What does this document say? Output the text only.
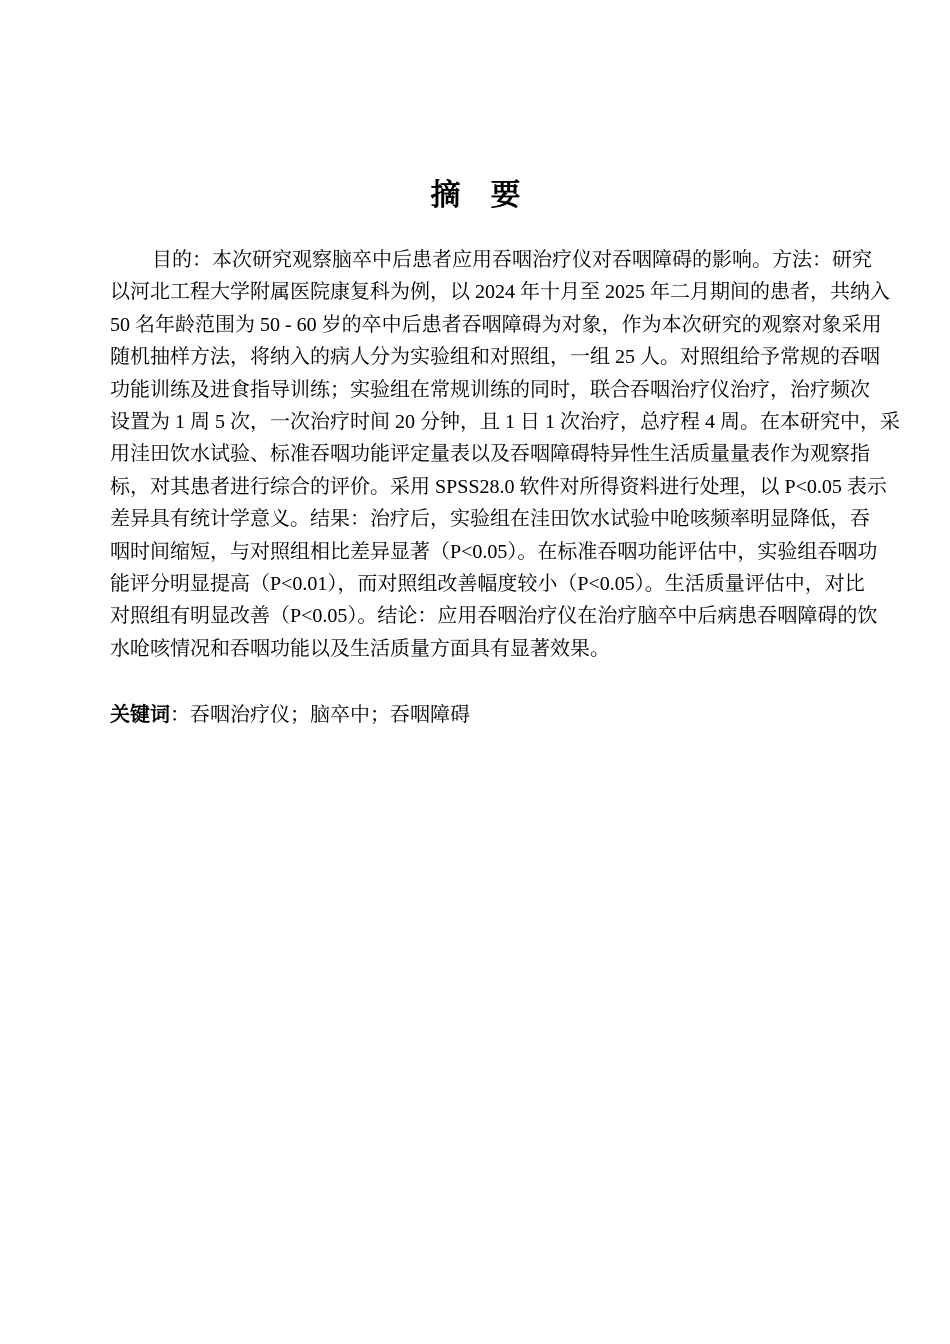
摘　要
目的：本次研究观察脑卒中后患者应用吞咽治疗仪对吞咽障碍的影响。方法：研究
以河北工程大学附属医院康复科为例，以 2024 年十月至 2025 年二月期间的患者，共纳入
50 名年龄范围为 50 - 60 岁的卒中后患者吞咽障碍为对象，作为本次研究的观察对象采用
随机抽样方法，将纳入的病人分为实验组和对照组，一组 25 人。对照组给予常规的吞咽
功能训练及进食指导训练；实验组在常规训练的同时，联合吞咽治疗仪治疗，治疗频次
设置为 1 周 5 次，一次治疗时间 20 分钟，且 1 日 1 次治疗，总疗程 4 周。在本研究中，采
用洼田饮水试验、标准吞咽功能评定量表以及吞咽障碍特异性生活质量量表作为观察指
标，对其患者进行综合的评价。采用 SPSS28.0 软件对所得资料进行处理，以 P<0.05 表示
差异具有统计学意义。结果：治疗后，实验组在洼田饮水试验中呛咳频率明显降低，吞
咽时间缩短，与对照组相比差异显著（P<0.05）。在标准吞咽功能评估中，实验组吞咽功
能评分明显提高（P<0.01），而对照组改善幅度较小（P<0.05）。生活质量评估中，对比
对照组有明显改善（P<0.05）。结论：应用吞咽治疗仪在治疗脑卒中后病患吞咽障碍的饮
水呛咳情况和吞咽功能以及生活质量方面具有显著效果。
关键词：吞咽治疗仪；脑卒中；吞咽障碍
